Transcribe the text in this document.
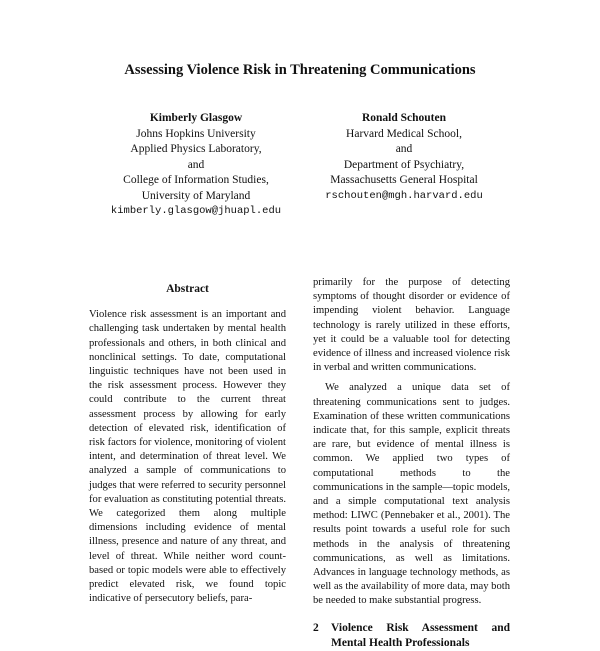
Assessing Violence Risk in Threatening Communications
Kimberly Glasgow
Johns Hopkins University
Applied Physics Laboratory,
and
College of Information Studies,
University of Maryland
kimberly.glasgow@jhuapl.edu
Ronald Schouten
Harvard Medical School,
and
Department of Psychiatry,
Massachusetts General Hospital
rschouten@mgh.harvard.edu
Abstract

Violence risk assessment is an important and challenging task undertaken by mental health professionals and others, in both clinical and nonclinical settings. To date, computational linguistic techniques have not been used in the risk assessment process. However they could contribute to the current threat assessment process by allowing for early detection of elevated risk, identification of risk factors for violence, monitoring of violent intent, and determination of threat level. We analyzed a sample of communications to judges that were referred to security personnel for evaluation as constituting potential threats. We categorized them along multiple dimensions including evidence of mental illness, presence and nature of any threat, and level of threat. While neither word count-based or topic models were able to effectively predict elevated risk, we found topic indicative of persecutory beliefs, para-

primarily for the purpose of detecting symptoms of thought disorder or evidence of impending violent behavior. Language technology is rarely utilized in these efforts, yet it could be a valuable tool for detecting evidence of illness and increased violence risk in verbal and written communications.

We analyzed a unique data set of threatening communications sent to judges. Examination of these written communications indicate that, for this sample, explicit threats are rare, but evidence of mental illness is common. We applied two types of computational methods to the communications in the sample—topic models, and a simple computational text analysis method: LIWC (Pennebaker et al., 2001). The results point towards a useful role for such methods in the analysis of threatening communications, as well as limitations. Advances in language technology methods, as well as the availability of more data, may both be needed to make substantial progress.

2	Violence Risk Assessment and Mental Health Professionals
